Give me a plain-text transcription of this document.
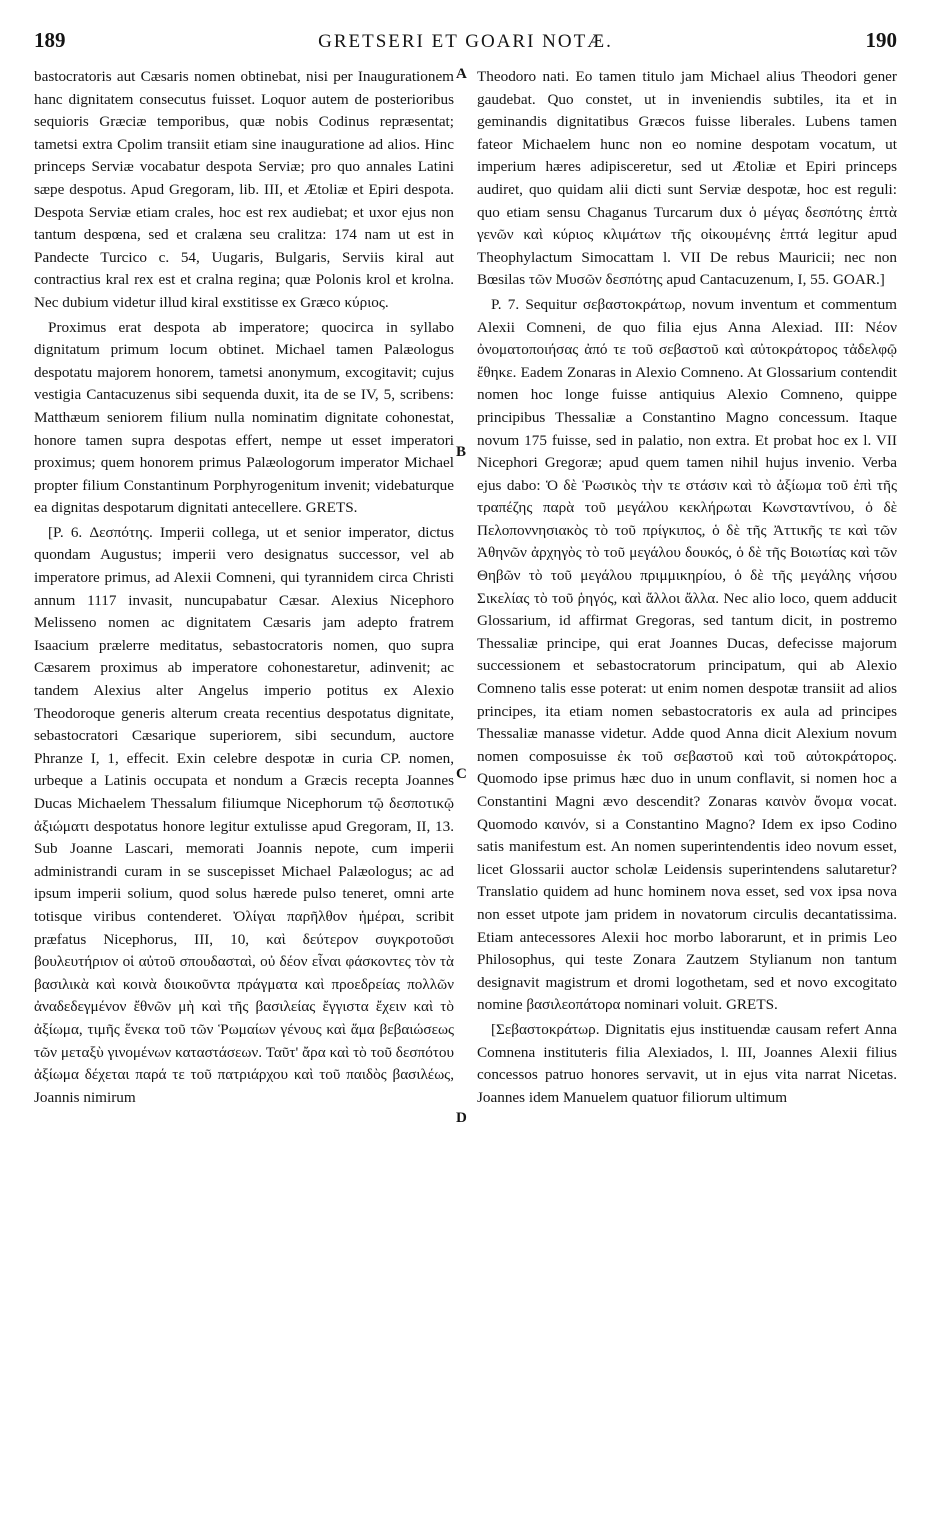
189	GRETSERI ET GOARI NOTÆ.	190

bastocratoris aut Cæsaris nomen obtinebat, nisi per Inaugurationem hanc dignitatem consecutus fuisset. Loquor autem de posterioribus sequioris Græciæ temporibus, quæ nobis Codinus repræsentat; tametsi extra Cpolim transiit etiam sine inauguratione ad alios. Hinc princeps Serviæ vocabatur despota Serviæ; pro quo annales Latini sæpe despotus. Apud Gregoram, lib. III, et Ætoliæ et Epiri despota. Despota Serviæ etiam crales, hoc est rex audiebat; et uxor ejus non tantum despœna, sed et cralæna seu cralitza: 174 nam ut est in Pandecte Turcico c. 54, Uugaris, Bulgaris, Serviis kiral aut contractius kral rex est et cralna regina; quæ Polonis krol et krolna. Nec dubium videtur illud kiral exstitisse ex Græco κύριος.

Proximus erat despota ab imperatore; quocirca in syllabo dignitatum primum locum obtinet. Michael tamen Palæologus despotatu majorem honorem, tametsi anonymum, excogitavit; cujus vestigia Cantacuzenus sibi sequenda duxit, ita de se IV, 5, scribens: Matthæum seniorem filium nulla nominatim dignitate cohonestat, honore tamen supra despotas effert, nempe ut esset imperatori proximus; quem honorem primus Palæologorum imperator Michael propter filium Constantinum Porphyrogenitum invenit; videbaturque ea dignitas despotarum dignitati antecellere. GRETS.

[P. 6. Δεσπότης. Imperii collega, ut et senior imperator, dictus quondam Augustus; imperii vero designatus successor, vel ab imperatore primus, ad Alexii Comneni, qui tyrannidem circa Christi annum 1117 invasit, nuncupabatur Cæsar. Alexius Nicephoro Melisseno nomen ac dignitatem Cæsaris jam adepto fratrem Isaacium prælerre meditatus, sebastocratoris nomen, quo supra Cæsarem proximus ab imperatore cohonestaretur, adinvenit; ac tandem Alexius alter Angelus imperio potitus ex Alexio Theodoroque generis alterum creata recentius despotatus dignitate, sebastocratori Cæsarique superiorem, sibi secundum, auctore Phranze I, 1, effecit. Exin celebre despotæ in curia CP. nomen, urbeque a Latinis occupata et nondum a Græcis recepta Joannes Ducas Michaelem Thessalum filiumque Nicephorum τῷ δεσποτικῷ ἀξιώματι despotatus honore legitur extulisse apud Gregoram, II, 13. Sub Joanne Lascari, memorati Joannis nepote, cum imperii administrandi curam in se suscepisset Michael Palæologus; ac ad ipsum imperii solium, quod solus hærede pulso teneret, omni arte totisque viribus contenderet. Ὀλίγαι παρῆλθον ἡμέραι, scribit præfatus Nicephorus, III, 10, καὶ δεύτερον συγκροτοῦσι βουλευτήριον οἱ αὐτοῦ σπουδασταὶ, οὐ δέον εἶναι φάσκοντες τὸν τὰ βασιλικὰ καὶ κοινὰ διοικοῦντα πράγματα καὶ προεδρείας πολλῶν ἀναδεδεγμένον ἔθνῶν μὴ καὶ τῆς βασιλείας ἔγγιστα ἔχειν καὶ τὸ ἀξίωμα, τιμῆς ἕνεκα τοῦ τῶν Ῥωμαίων γένους καὶ ἅμα βεβαιώσεως τῶν μεταξὺ γινομένων καταστάσεων. Ταῦτ' ἄρα καὶ τὸ τοῦ δεσπότου ἀξίωμα δέχεται παρά τε τοῦ πατριάρχου καὶ τοῦ παιδὸς βασιλέως, Joannis nimirum

A
B
C
D

Theodoro nati. Eo tamen titulo jam Michael alius Theodori gener gaudebat. Quo constet, ut in inveniendis subtiles, ita et in geminandis dignitatibus Græcos fuisse liberales. Lubens tamen fateor Michaelem hunc non eo nomine despotam vocatum, ut imperium hæres adipisceretur, sed ut Ætoliæ et Epiri princeps audiret, quo quidam alii dicti sunt Serviæ despotæ, hoc est reguli: quo etiam sensu Chaganus Turcarum dux ὁ μέγας δεσπότης ἑπτὰ γενῶν καὶ κύριος κλιμάτων τῆς οἰκουμένης ἑπτά legitur apud Theophylactum Simocattam l. VII De rebus Mauricii; nec non Bœsilas τῶν Μυσῶν δεσπότης apud Cantacuzenum, I, 55. GOAR.]

P. 7. Sequitur σεβαστοκράτωρ, novum inventum et commentum Alexii Comneni, de quo filia ejus Anna Alexiad. III: Νέον ὀνοματοποιήσας ἀπό τε τοῦ σεβαστοῦ καὶ αὐτοκράτορος τἀδελφῷ ἔθηκε. Eadem Zonaras in Alexio Comneno. At Glossarium contendit nomen hoc longe fuisse antiquius Alexio Comneno, quippe principibus Thessaliæ a Constantino Magno concessum. Itaque novum 175 fuisse, sed in palatio, non extra. Et probat hoc ex l. VII Nicephori Gregoræ; apud quem tamen nihil hujus invenio. Verba ejus dabo: Ὁ δὲ Ῥωσικὸς τὴν τε στάσιν καὶ τὸ ἀξίωμα τοῦ ἐπὶ τῆς τραπέζης παρὰ τοῦ μεγάλου κεκλήρωται Κωνσταντίνου, ὁ δὲ Πελοποννησιακὸς τὸ τοῦ πρίγκιπος, ὁ δὲ τῆς Ἀττικῆς τε καὶ τῶν Ἀθηνῶν ἀρχηγὸς τὸ τοῦ μεγάλου δουκός, ὁ δὲ τῆς Βοιωτίας καὶ τῶν Θηβῶν τὸ τοῦ μεγάλου πριμμικηρίου, ὁ δὲ τῆς μεγάλης νήσου Σικελίας τὸ τοῦ ῥηγός, καὶ ἄλλοι ἄλλα. Nec alio loco, quem adducit Glossarium, id affirmat Gregoras, sed tantum dicit, in postremo Thessaliæ principe, qui erat Joannes Ducas, defecisse majorum successionem et sebastocratorum principatum, qui ab Alexio Comneno talis esse poterat: ut enim nomen despotæ transiit ad alios principes, ita etiam nomen sebastocratoris ex aula ad principes Thessaliæ manasse videtur. Adde quod Anna dicit Alexium novum nomen composuisse ἐκ τοῦ σεβαστοῦ καὶ τοῦ αὐτοκράτορος. Quomodo ipse primus hæc duo in unum conflavit, si nomen hoc a Constantini Magni ævo descendit? Zonaras καινὸν ὄνομα vocat. Quomodo καινόν, si a Constantino Magno? Idem ex ipso Codino satis manifestum est. An nomen superintendentis ideo novum esset, licet Glossarii auctor scholæ Leidensis superintendens salutaretur? Translatio quidem ad hunc hominem nova esset, sed vox ipsa nova non esset utpote jam pridem in novatorum circulis decantatissima. Etiam antecessores Alexii hoc morbo laborarunt, et in primis Leo Philosophus, qui teste Zonara Zautzem Stylianum non tantum designavit magistrum et dromi logothetam, sed et novo excogitato nomine βασιλεοπάτορα nominari voluit. GRETS.

[Σεβαστοκράτωρ. Dignitatis ejus instituendæ causam refert Anna Comnena instituteris filia Alexiados, l. III, Joannes Alexii filius concessos patruo honores servavit, ut in ejus vita narrat Nicetas. Joannes idem Manuelem quatuor filiorum ultimum
